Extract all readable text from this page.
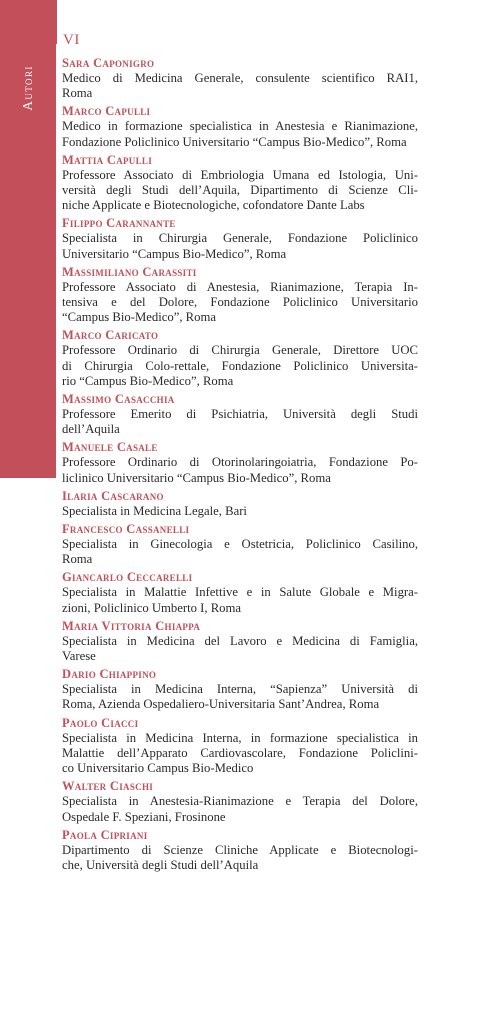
Autori
VI
Sara Caponigro
Medico di Medicina Generale, consulente scientifico RAI1,
Roma
Marco Capulli
Medico in formazione specialistica in Anestesia e Rianimazione,
Fondazione Policlinico Universitario “Campus Bio-Medico”, Roma
Mattia Capulli
Professore Associato di Embriologia Umana ed Istologia, Uni-
versità degli Studi dell’Aquila, Dipartimento di Scienze Cli-
niche Applicate e Biotecnologiche, cofondatore Dante Labs
Filippo Carannante
Specialista in Chirurgia Generale, Fondazione Policlinico
Universitario “Campus Bio-Medico”, Roma
Massimiliano Carassiti
Professore Associato di Anestesia, Rianimazione, Terapia In-
tensiva e del Dolore, Fondazione Policlinico Universitario
“Campus Bio-Medico”, Roma
Marco Caricato
Professore Ordinario di Chirurgia Generale, Direttore UOC
di Chirurgia Colo-rettale, Fondazione Policlinico Universita-
rio “Campus Bio-Medico”, Roma
Massimo Casacchia
Professore Emerito di Psichiatria, Università degli Studi
dell’Aquila
Manuele Casale
Professore Ordinario di Otorinolaringoiatria, Fondazione Po-
liclinico Universitario “Campus Bio-Medico”, Roma
Ilaria Cascarano
Specialista in Medicina Legale, Bari
Francesco Cassanelli
Specialista in Ginecologia e Ostetricia, Policlinico Casilino,
Roma
Giancarlo Ceccarelli
Specialista in Malattie Infettive e in Salute Globale e Migra-
zioni, Policlinico Umberto I, Roma
Maria Vittoria Chiappa
Specialista in Medicina del Lavoro e Medicina di Famiglia,
Varese
Dario Chiappino
Specialista in Medicina Interna, “Sapienza” Università di
Roma, Azienda Ospedaliero-Universitaria Sant’Andrea, Roma
Paolo Ciacci
Specialista in Medicina Interna, in formazione specialistica in
Malattie dell’Apparato Cardiovascolare, Fondazione Policlini-
co Universitario Campus Bio-Medico
Walter Ciaschi
Specialista in Anestesia-Rianimazione e Terapia del Dolore,
Ospedale F. Speziani, Frosinone
Paola Cipriani
Dipartimento di Scienze Cliniche Applicate e Biotecnologi-
che, Università degli Studi dell’Aquila
